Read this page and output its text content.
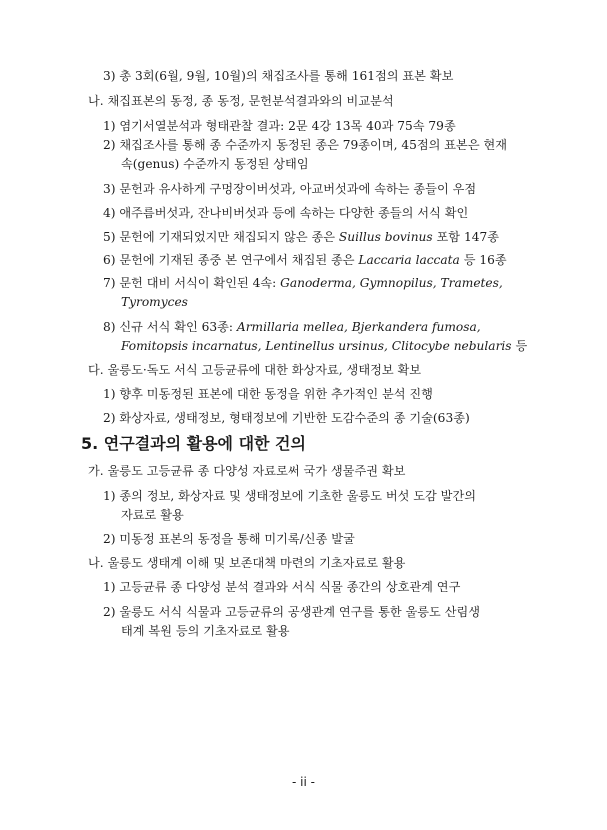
3) 총 3회(6월, 9월, 10월)의 채집조사를 통해 161점의 표본 확보
나. 채집표본의 동정, 종 동정, 문헌분석결과와의 비교분석
1) 염기서열분석과 형태관찰 결과: 2문 4강 13목 40과 75속 79종
2) 채집조사를 통해 종 수준까지 동정된 종은 79종이며, 45점의 표본은 현재
속(genus) 수준까지 동정된 상태임
3) 문헌과 유사하게 구멍장이버섯과, 아교버섯과에 속하는 종들이 우점
4) 애주름버섯과, 잔나비버섯과 등에 속하는 다양한 종들의 서식 확인
5) 문헌에 기재되었지만 채집되지 않은 종은 Suillus bovinus 포함 147종
6) 문헌에 기재된 종중 본 연구에서 채집된 종은 Laccaria laccata 등 16종
7) 문헌 대비 서식이 확인된 4속: Ganoderma, Gymnopilus, Trametes,
Tyromyces
8) 신규 서식 확인 63종: Armillaria mellea, Bjerkandera fumosa,
Fomitopsis incarnatus, Lentinellus ursinus, Clitocybe nebularis 등
다. 울릉도·독도 서식 고등균류에 대한 화상자료, 생태정보 확보
1) 향후 미동정된 표본에 대한 동정을 위한 추가적인 분석 진행
2) 화상자료, 생태정보, 형태정보에 기반한 도감수준의 종 기술(63종)
5. 연구결과의 활용에 대한 건의
가. 울릉도 고등균류 종 다양성 자료로써 국가 생물주권 확보
1) 종의 정보, 화상자료 및 생태정보에 기초한 울릉도 버섯 도감 발간의
자료로 활용
2) 미동정 표본의 동정을 통해 미기록/신종 발굴
나. 울릉도 생태계 이해 및 보존대책 마련의 기초자료로 활용
1) 고등균류 종 다양성 분석 결과와 서식 식물 종간의 상호관계 연구
2) 울릉도 서식 식물과 고등균류의 공생관계 연구를 통한 울릉도 산림생
태계 복원 등의 기초자료로 활용
- ii -
